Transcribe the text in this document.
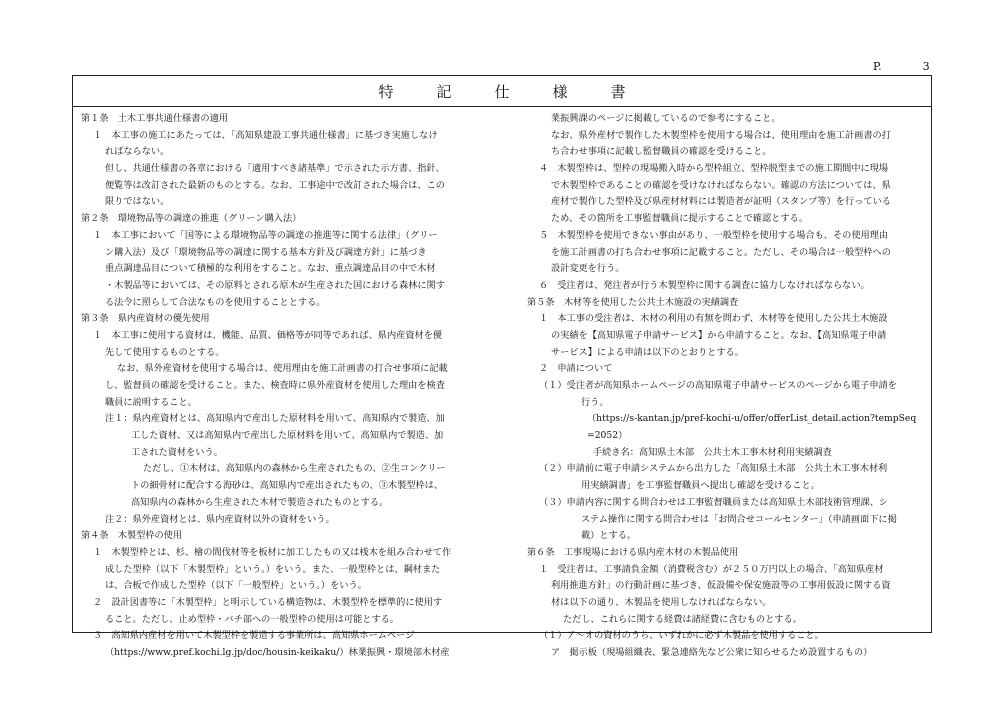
P.	3
特　記　仕　様　書
第１条　土木工事共通仕様書の適用
１　本工事の施工にあたっては、「高知県建設工事共通仕様書」に基づき実施しなけ
ればならない。
但し、共通仕様書の各章における「適用すべき諸基準」で示された示方書、指針、
便覧等は改訂された最新のものとする。なお、工事途中で改訂された場合は、この
限りではない。
第２条　環境物品等の調達の推進（グリーン購入法）
１　本工事において「国等による環境物品等の調達の推進等に関する法律」（グリー
ン購入法）及び「環境物品等の調達に関する基本方針及び調達方針」に基づき
重点調達品目について積極的な利用をすること。なお、重点調達品目の中で木材
・木製品等においては、その原料とされる原木が生産された国における森林に関す
る法令に照らして合法なものを使用することとする。
第３条　県内産資材の優先使用
１　本工事に使用する資材は、機能、品質、価格等が同等であれば、県内産資材を優
先して使用するものとする。
なお、県外産資材を使用する場合は、使用理由を施工計画書の打合せ事項に記載
し、監督員の確認を受けること。また、検査時に県外産資材を使用した理由を検査
職員に説明すること。
注１：県内産資材とは、高知県内で産出した原材料を用いて、高知県内で製造、加
工した資材、又は高知県内で産出した原材料を用いて、高知県内で製造、加
工された資材をいう。
ただし、①木材は、高知県内の森林から生産されたもの、②生コンクリー
トの細骨材に配合する海砂は、高知県内で産出されたもの、③木製型枠は、
高知県内の森林から生産された木材で製造されたものとする。
注２：県外産資材とは、県内産資材以外の資材をいう。
第４条　木製型枠の使用
１　木製型枠とは、杉、檜の間伐材等を板材に加工したもの又は桟木を組み合わせて作
成した型枠（以下「木製型枠」という。）をいう。また、一般型枠とは、鋼材また
は、合板で作成した型枠（以下「一般型枠」という。）をいう。
２　設計図書等に「木製型枠」と明示している構造物は、木製型枠を標準的に使用す
ること。ただし、止め型枠・バチ部への一般型枠の使用は可能とする。
３　高知県内産材を用いて木製型枠を製造する事業所は、高知県ホームページ
（https://www.pref.kochi.lg.jp/doc/housin-keikaku/）林業振興・環境部木材産
業振興課のページに掲載しているので参考にすること。
なお、県外産材で製作した木製型枠を使用する場合は、使用理由を施工計画書の打
ち合わせ事項に記載し監督職員の確認を受けること。
４　木製型枠は、型枠の現場搬入時から型枠組立、型枠脱型までの施工期間中に現場
で木製型枠であることの確認を受けなければならない。確認の方法については、県
産材で製作した型枠及び県産材材料には製造者が証明（スタンプ等）を行っている
ため、その箇所を工事監督職員に提示することで確認とする。
５　木製型枠を使用できない事由があり、一般型枠を使用する場合も、その使用理由
を施工計画書の打ち合わせ事項に記載すること。ただし、その場合は一般型枠への
設計変更を行う。
６　受注者は、発注者が行う木製型枠に関する調査に協力しなければならない。
第５条　木材等を使用した公共土木施設の実績調査
１　本工事の受注者は、木材の利用の有無を問わず、木材等を使用した公共土木施設
の実績を【高知県電子申請サービス】から申請すること。なお、【高知県電子申請
サービス】による申請は以下のとおりとする。
２　申請について
（１）受注者が高知県ホームページの高知県電子申請サービスのページから電子申請を
行う。
（https://s-kantan.jp/pref-kochi-u/offer/offerList_detail.action?tempSeq
=2052）
手続き名：高知県土木部　公共土木工事木材利用実績調査
（２）申請前に電子申請システムから出力した「高知県土木部　公共土木工事木材利
用実績調書」を工事監督職員へ提出し確認を受けること。
（３）申請内容に関する問合わせは工事監督職員または高知県土木部技術管理課、シ
ステム操作に関する問合わせは「お問合せコールセンター」（申請画面下に掲
載）とする。
第６条　工事現場における県内産木材の木製品使用
１　受注者は、工事請負金額（消費税含む）が２５０万円以上の場合、「高知県産材
利用推進方針」の行動計画に基づき、仮設備や保安施設等の工事用仮設に関する資
材は以下の通り、木製品を使用しなければならない。
ただし、これらに関する経費は諸経費に含むものとする。
（１）ア～オの資材のうち、いずれかに必ず木製品を使用すること。
ア　掲示板（現場組織表、緊急連絡先など公衆に知らせるため設置するもの）
